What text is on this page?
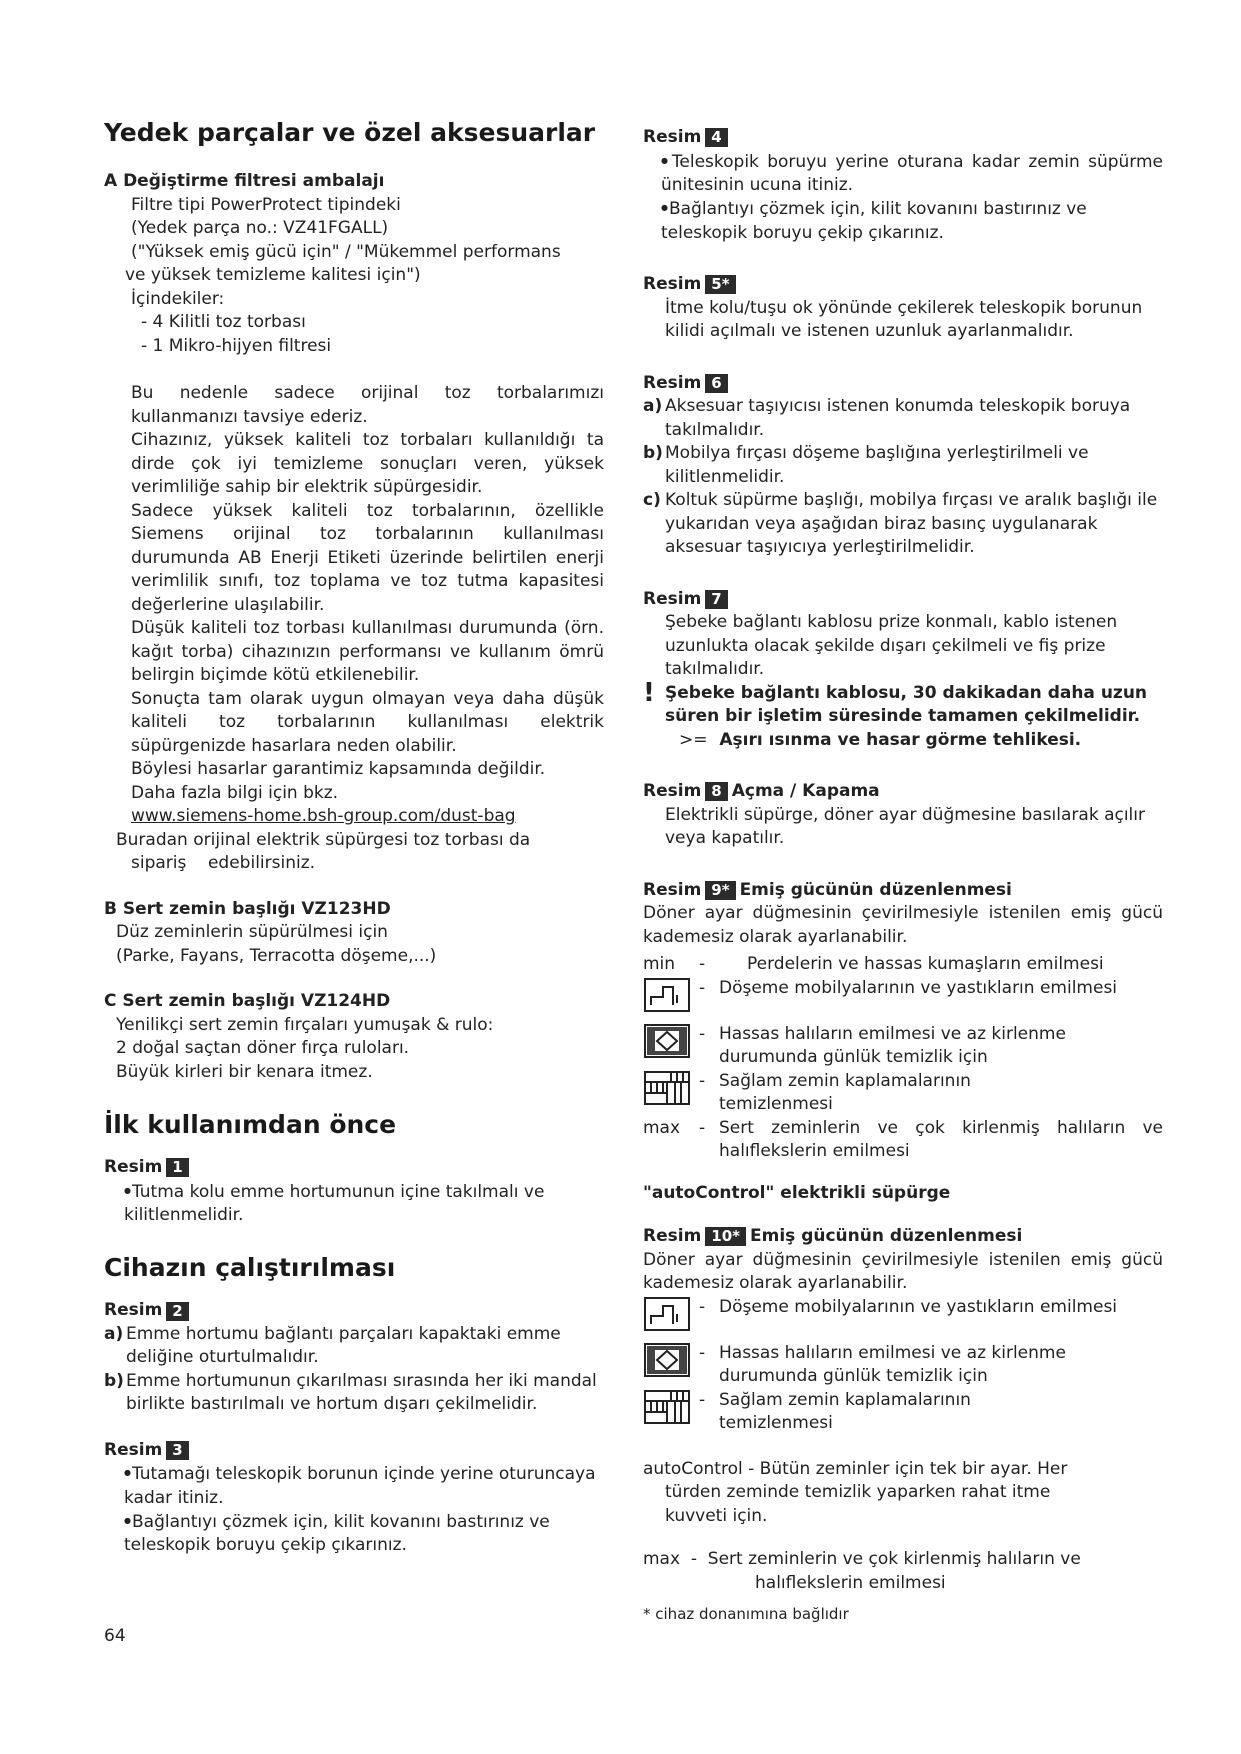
Yedek parçalar ve özel aksesuarlar

A Değiştirme filtresi ambalajı

Filtre tipi PowerProtect tipindeki

(Yedek parça no.: VZ41FGALL)

("Yüksek emiş gücü için" / "Mükemmel performans

ve yüksek temizleme kalitesi için")

İçindekiler:

- 4 Kilitli toz torbası

- 1 Mikro-hijyen filtresi

Bu nedenle sadece orijinal toz torbalarımızı kullanmanızı tavsiye ederiz.

Cihazınız, yüksek kaliteli toz torbaları kullanıldığı ta dirde çok iyi temizleme sonuçları veren, yüksek verimliliğe sahip bir elektrik süpürgesidir.

Sadece yüksek kaliteli toz torbalarının, özellikle Siemens orijinal toz torbalarının kullanılması durumunda AB Enerji Etiketi üzerinde belirtilen enerji verimlilik sınıfı, toz toplama ve toz tutma kapasitesi değerlerine ulaşılabilir.

Düşük kaliteli toz torbası kullanılması durumunda (örn. kağıt torba) cihazınızın performansı ve kullanım ömrü belirgin biçimde kötü etkilenebilir.

Sonuçta tam olarak uygun olmayan veya daha düşük kaliteli toz torbalarının kullanılması elektrik süpürgenizde hasarlara neden olabilir.

Böylesi hasarlar garantimiz kapsamında değildir.

Daha fazla bilgi için bkz.

www.siemens-home.bsh-group.com/dust-bag

Buradan orijinal elektrik süpürgesi toz torbası da

sipariş    edebilirsiniz.

B Sert zemin başlığı VZ123HD

Düz zeminlerin süpürülmesi için

(Parke, Fayans, Terracotta döşeme,...)

C Sert zemin başlığı VZ124HD

Yenilikçi sert zemin fırçaları yumuşak & rulo:

2 doğal saçtan döner fırça ruloları.

Büyük kirleri bir kenara itmez.

İlk kullanımdan önce

Resim 1

● Tutma kolu emme hortumunun içine takılmalı ve kilitlenmelidir.

Cihazın çalıştırılması

Resim 2

a) Emme hortumu bağlantı parçaları kapaktaki emme deliğine oturtulmalıdır.

b) Emme hortumunun çıkarılması sırasında her iki mandal birlikte bastırılmalı ve hortum dışarı çekilmelidir.

Resim 3

● Tutamağı teleskopik borunun içinde yerine oturuncaya kadar itiniz.

● Bağlantıyı çözmek için, kilit kovanını bastırınız ve teleskopik boruyu çekip çıkarınız.

64

Resim 4

● Teleskopik boruyu yerine oturana kadar zemin süpürme ünitesinin ucuna itiniz.

● Bağlantıyı çözmek için, kilit kovanını bastırınız ve teleskopik boruyu çekip çıkarınız.

Resim 5*

İtme kolu/tuşu ok yönünde çekilerek teleskopik borunun kilidi açılmalı ve istenen uzunluk ayarlanmalıdır.

Resim 6

a) Aksesuar taşıyıcısı istenen konumda teleskopik boruya takılmalıdır.

b) Mobilya fırçası döşeme başlığına yerleştirilmeli ve kilitlenmelidir.

c) Koltuk süpürme başlığı, mobilya fırçası ve aralık başlığı ile yukarıdan veya aşağıdan biraz basınç uygulanarak aksesuar taşıyıcıya yerleştirilmelidir.

Resim 7

Şebeke bağlantı kablosu prize konmalı, kablo istenen uzunlukta olacak şekilde dışarı çekilmeli ve fiş prize takılmalıdır.

! Şebeke bağlantı kablosu, 30 dakikadan daha uzun süren bir işletim süresinde tamamen çekilmelidir.

>= Aşırı ısınma ve hasar görme tehlikesi.

Resim 8 Açma / Kapama

Elektrikli süpürge, döner ayar düğmesine basılarak açılır veya kapatılır.

Resim 9* Emiş gücünün düzenlenmesi

Döner ayar düğmesinin çevirilmesiyle istenilen emiş gücü kademesiz olarak ayarlanabilir.

min	-	Perdelerin ve hassas kumaşların emilmesi
- Döşeme mobilyalarının ve yastıkların emilmesi
- Hassas halıların emilmesi ve az kirlenme durumunda günlük temizlik için
- Sağlam zemin kaplamalarının temizlenmesi
max	- Sert zeminlerin ve çok kirlenmiş halıların ve halıflekslerin emilmesi

"autoControl" elektrikli süpürge

Resim 10* Emiş gücünün düzenlenmesi

Döner ayar düğmesinin çevirilmesiyle istenilen emiş gücü kademesiz olarak ayarlanabilir.

- Döşeme mobilyalarının ve yastıkların emilmesi
- Hassas halıların emilmesi ve az kirlenme durumunda günlük temizlik için
- Sağlam zemin kaplamalarının temizlenmesi

autoControl - Bütün zeminler için tek bir ayar. Her türden zeminde temizlik yaparken rahat itme kuvveti için.

max  -  Sert zeminlerin ve çok kirlenmiş halıların ve halıflekslerin emilmesi

* cihaz donanımına bağlıdır
